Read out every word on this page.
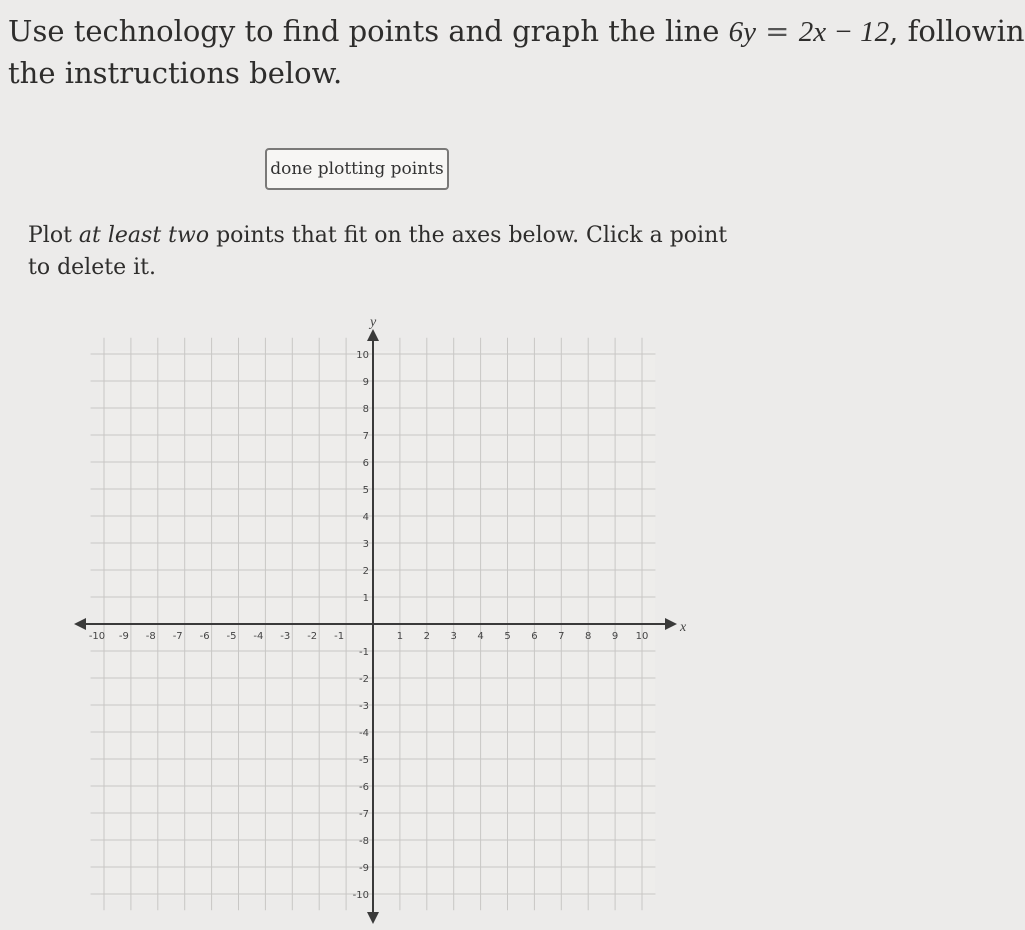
Use technology to find points and graph the line 6y = 2x − 12, followin
the instructions below.
done plotting points
Plot at least two points that fit on the axes below. Click a point to delete it.
-10 -9 -8 -7 -6 -5 -4 -3 -2 -1	1 2 3 4 5 6 7 8 9 10
-10
-9
-8
-7
-6
-5
-4
-3
-2
-1
1
2
3
4
5
6
7
8
9
10
x
y
